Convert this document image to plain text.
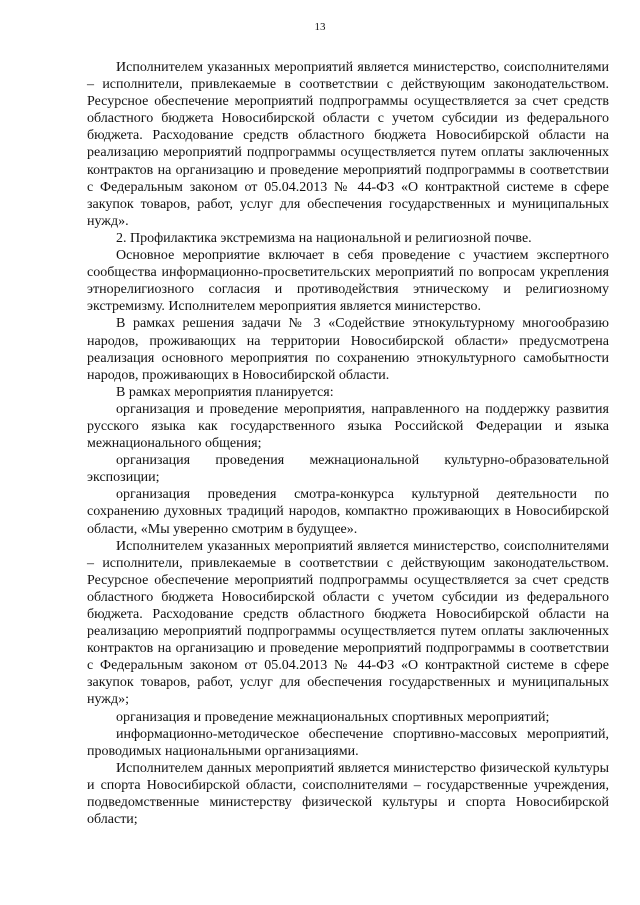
13

Исполнителем указанных мероприятий является министерство, соисполнителями – исполнители, привлекаемые в соответствии с действующим законодательством. Ресурсное обеспечение мероприятий подпрограммы осуществляется за счет средств областного бюджета Новосибирской области с учетом субсидии из федерального бюджета. Расходование средств областного бюджета Новосибирской области на реализацию мероприятий подпрограммы осуществляется путем оплаты заключенных контрактов на организацию и проведение мероприятий подпрограммы в соответствии с Федеральным законом от 05.04.2013 № 44-ФЗ «О контрактной системе в сфере закупок товаров, работ, услуг для обеспечения государственных и муниципальных нужд».

2. Профилактика экстремизма на национальной и религиозной почве.

Основное мероприятие включает в себя проведение с участием экспертного сообщества информационно-просветительских мероприятий по вопросам укрепления этнорелигиозного согласия и противодействия этническому и религиозному экстремизму. Исполнителем мероприятия является министерство.

В рамках решения задачи № 3 «Содействие этнокультурному многообразию народов, проживающих на территории Новосибирской области» предусмотрена реализация основного мероприятия по сохранению этнокультурного самобытности народов, проживающих в Новосибирской области.

В рамках мероприятия планируется:

организация и проведение мероприятия, направленного на поддержку развития русского языка как государственного языка Российской Федерации и языка межнационального общения;

организация проведения межнациональной культурно-образовательной экспозиции;

организация проведения смотра-конкурса культурной деятельности по сохранению духовных традиций народов, компактно проживающих в Новосибирской области, «Мы уверенно смотрим в будущее».

Исполнителем указанных мероприятий является министерство, соисполнителями – исполнители, привлекаемые в соответствии с действующим законодательством. Ресурсное обеспечение мероприятий подпрограммы осуществляется за счет средств областного бюджета Новосибирской области с учетом субсидии из федерального бюджета. Расходование средств областного бюджета Новосибирской области на реализацию мероприятий подпрограммы осуществляется путем оплаты заключенных контрактов на организацию и проведение мероприятий подпрограммы в соответствии с Федеральным законом от 05.04.2013 № 44-ФЗ «О контрактной системе в сфере закупок товаров, работ, услуг для обеспечения государственных и муниципальных нужд»;

организация и проведение межнациональных спортивных мероприятий;

информационно-методическое обеспечение спортивно-массовых мероприятий, проводимых национальными организациями.

Исполнителем данных мероприятий является министерство физической культуры и спорта Новосибирской области, соисполнителями – государственные учреждения, подведомственные министерству физической культуры и спорта Новосибирской области;
